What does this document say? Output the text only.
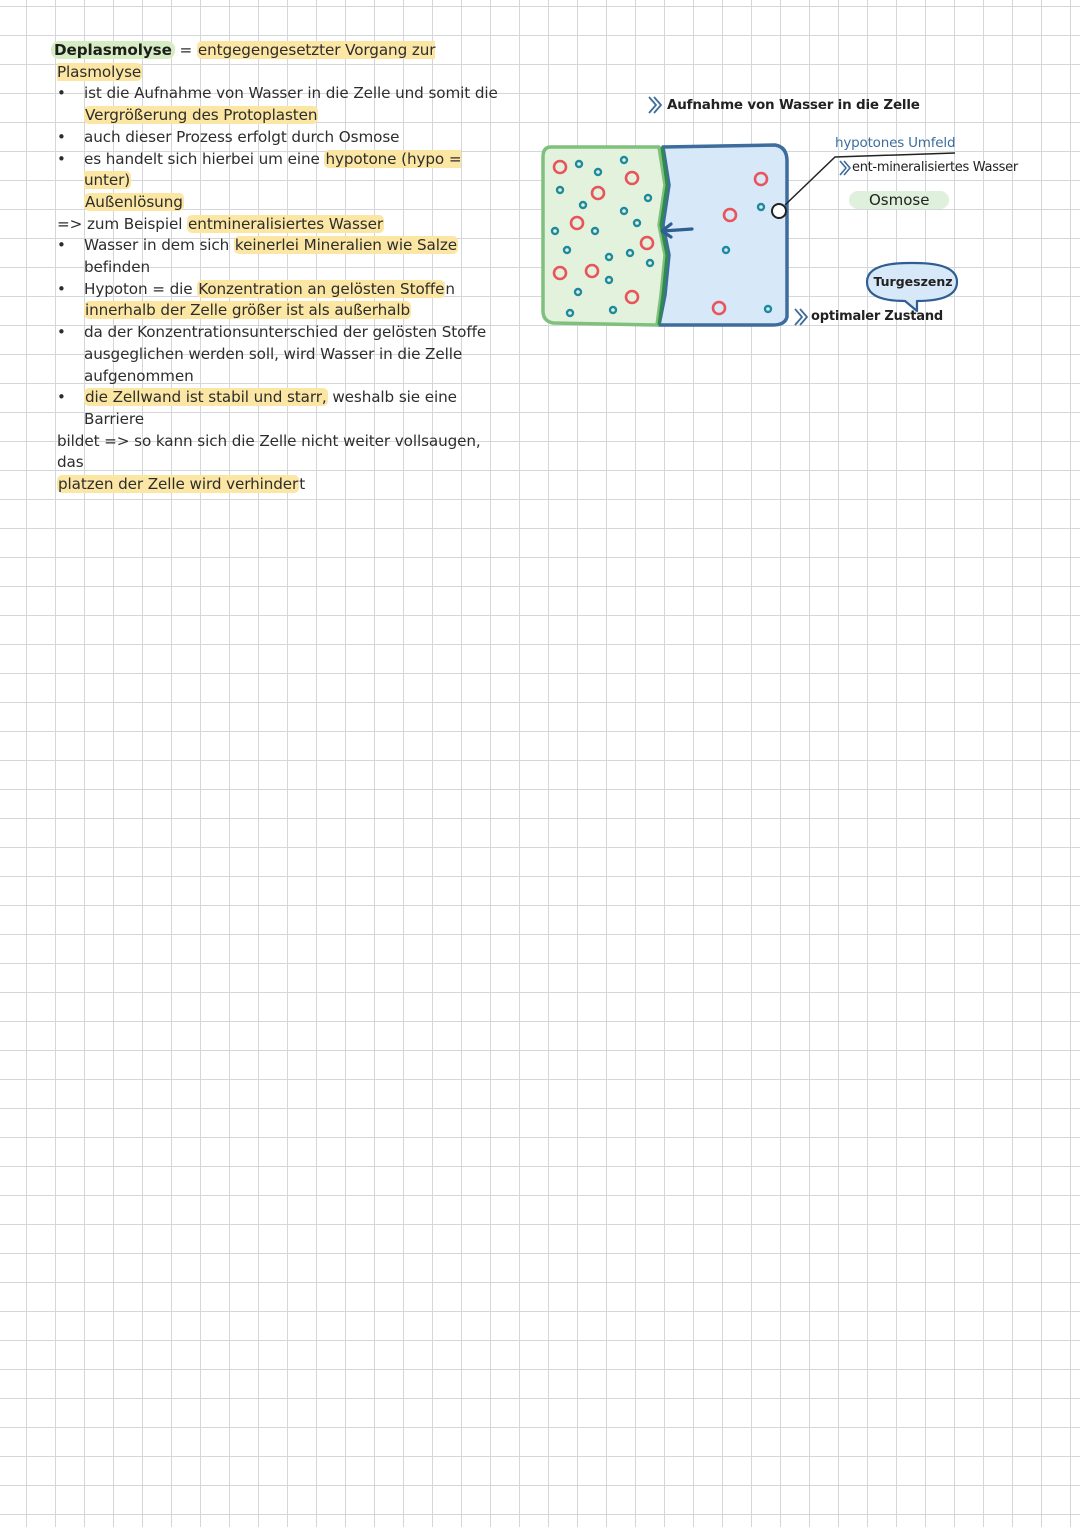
Deplasmolyse = entgegengesetzter Vorgang zur Plasmolyse

• ist die Aufnahme von Wasser in die Zelle und somit die
Vergrößerung des Protoplasten

• auch dieser Prozess erfolgt durch Osmose

• es handelt sich hierbei um eine hypotone (hypo = unter)
Außenlösung

=> zum Beispiel entmineralisiertes Wasser

• Wasser in dem sich keinerlei Mineralien wie Salze
befinden

• Hypoton = die Konzentration an gelösten Stoffen
innerhalb der Zelle größer ist als außerhalb

• da der Konzentrationsunterschied der gelösten Stoffe
ausgeglichen werden soll, wird Wasser in die Zelle
aufgenommen

• die Zellwand ist stabil und starr, weshalb sie eine Barriere

bildet => so kann sich die Zelle nicht weiter vollsaugen, das
platzen der Zelle wird verhindert

Aufnahme von Wasser in die Zelle
hypotones Umfeld
ent-mineralisiertes Wasser
Osmose
Turgeszenz
optimaler Zustand
